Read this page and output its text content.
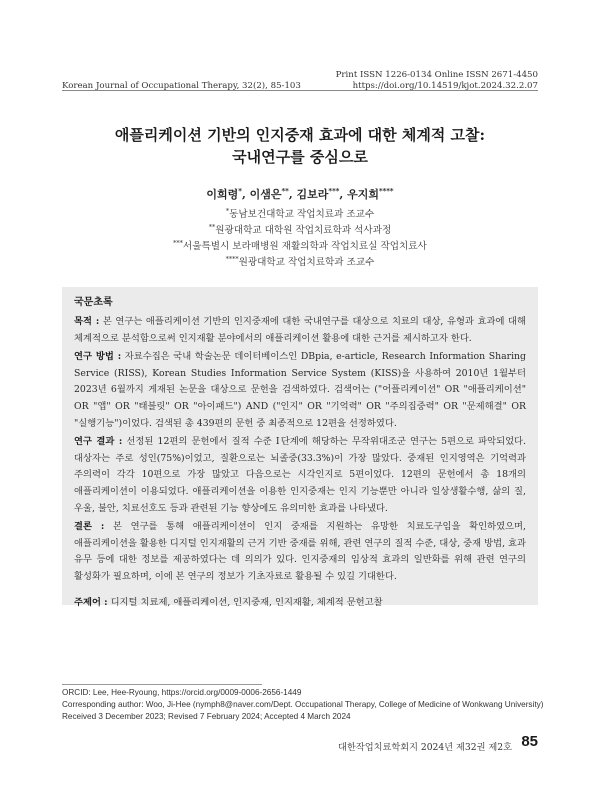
Print ISSN 1226-0134 Online ISSN 2671-4450
Korean Journal of Occupational Therapy, 32(2), 85-103	https://doi.org/10.14519/kjot.2024.32.2.07
애플리케이션 기반의 인지중재 효과에 대한 체계적 고찰:
국내연구를 중심으로
이희령*, 이샘은**, 김보라***, 우지희****
*동남보건대학교 작업치료과 조교수
**원광대학교 대학원 작업치료학과 석사과정
***서울특별시 보라매병원 재활의학과 작업치료실 작업치료사
****원광대학교 작업치료학과 조교수
국문초록

목적 : 본 연구는 애플리케이션 기반의 인지중재에 대한 국내연구를 대상으로 치료의 대상, 유형과 효과에 대해 체계적으로 분석함으로써 인지재활 분야에서의 애플리케이션 활용에 대한 근거를 제시하고자 한다.

연구 방법 : 자료수집은 국내 학술논문 데이터베이스인 DBpia, e-article, Research Information Sharing Service (RISS), Korean Studies Information Service System (KISS)을 사용하여 2010년 1월부터 2023년 6월까지 게재된 논문을 대상으로 문헌을 검색하였다. 검색어는 ("어플리케이션" OR "애플리케이션" OR "앱" OR "태블릿" OR "아이패드") AND ("인지" OR "기억력" OR "주의집중력" OR "문제해결" OR "실행기능")이었다. 검색된 총 439편의 문헌 중 최종적으로 12편을 선정하였다.

연구 결과 : 선정된 12편의 문헌에서 질적 수준 Ⅰ단계에 해당하는 무작위대조군 연구는 5편으로 파악되었다. 대상자는 주로 성인(75%)이었고, 질환으로는 뇌졸중(33.3%)이 가장 많았다. 중재된 인지영역은 기억력과 주의력이 각각 10편으로 가장 많았고 다음으로는 시각인지로 5편이었다. 12편의 문헌에서 총 18개의 애플리케이션이 이용되었다. 애플리케이션을 이용한 인지중재는 인지 기능뿐만 아니라 일상생활수행, 삶의 질, 우울, 불안, 치료선호도 등과 관련된 기능 향상에도 유의미한 효과를 나타냈다.

결론 : 본 연구를 통해 애플리케이션이 인지 중재를 지원하는 유망한 치료도구임을 확인하였으며, 애플리케이션을 활용한 디지털 인지재활의 근거 기반 중재를 위해, 관련 연구의 질적 수준, 대상, 중재 방법, 효과 유무 등에 대한 정보를 제공하였다는 데 의의가 있다. 인지중재의 임상적 효과의 일반화를 위해 관련 연구의 활성화가 필요하며, 이에 본 연구의 정보가 기초자료로 활용될 수 있길 기대한다.

주제어 : 디지털 치료제, 애플리케이션, 인지중재, 인지재활, 체계적 문헌고찰
ORCID: Lee, Hee-Ryoung, https://orcid.org/0009-0006-2656-1449
Corresponding author: Woo, Ji-Hee (nymph8@naver.com/Dept. Occupational Therapy, College of Medicine of Wonkwang University)
Received 3 December 2023; Revised 7 February 2024; Accepted 4 March 2024
대한작업치료학회지 2024년 제32권 제2호 85
